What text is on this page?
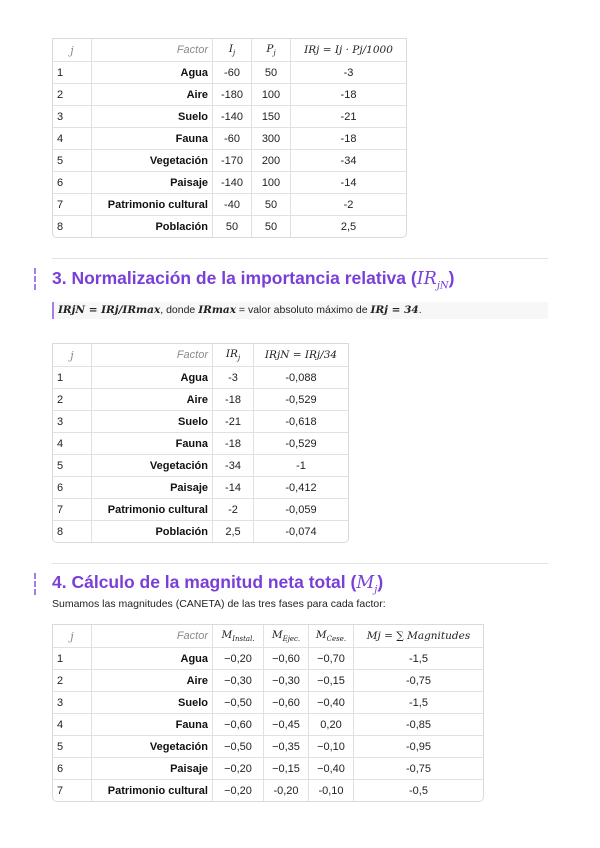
j	Factor	$I_j$	$P_j$	IRj = Ij · Pj/1000
1	Agua	-60	50	-3
2	Aire	-180	100	-18
3	Suelo	-140	150	-21
4	Fauna	-60	300	-18
5	Vegetación	-170	200	-34
6	Paisaje	-140	100	-14
7	Patrimonio cultural	-40	50	-2
8	Población	50	50	2,5
3. Normalización de la importancia relativa $(IR_{jN})$
IRjN = IRj/IRmax, donde IRmax = valor absoluto máximo de IRj = 34.
j	Factor	$IR_j$	IRjN = IRj/34
1	Agua	-3	-0,088
2	Aire	-18	-0,529
3	Suelo	-21	-0,618
4	Fauna	-18	-0,529
5	Vegetación	-34	-1
6	Paisaje	-14	-0,412
7	Patrimonio cultural	-2	-0,059
8	Población	2,5	-0,074
4. Cálculo de la magnitud neta total $(M_j)$
Sumamos las magnitudes (CANETA) de las tres fases para cada factor:
j	Factor	$M_{Instal.}$	$M_{Ejec.}$	$M_{Cese.}$	Mj = ∑ Magnitudes
1	Agua	−0,20	−0,60	−0,70	-1,5
2	Aire	−0,30	−0,30	−0,15	-0,75
3	Suelo	−0,50	−0,60	−0,40	-1,5
4	Fauna	−0,60	−0,45	0,20	-0,85
5	Vegetación	−0,50	−0,35	−0,10	-0,95
6	Paisaje	−0,20	−0,15	−0,40	-0,75
7	Patrimonio cultural	−0,20	-0,20	-0,10	-0,5
